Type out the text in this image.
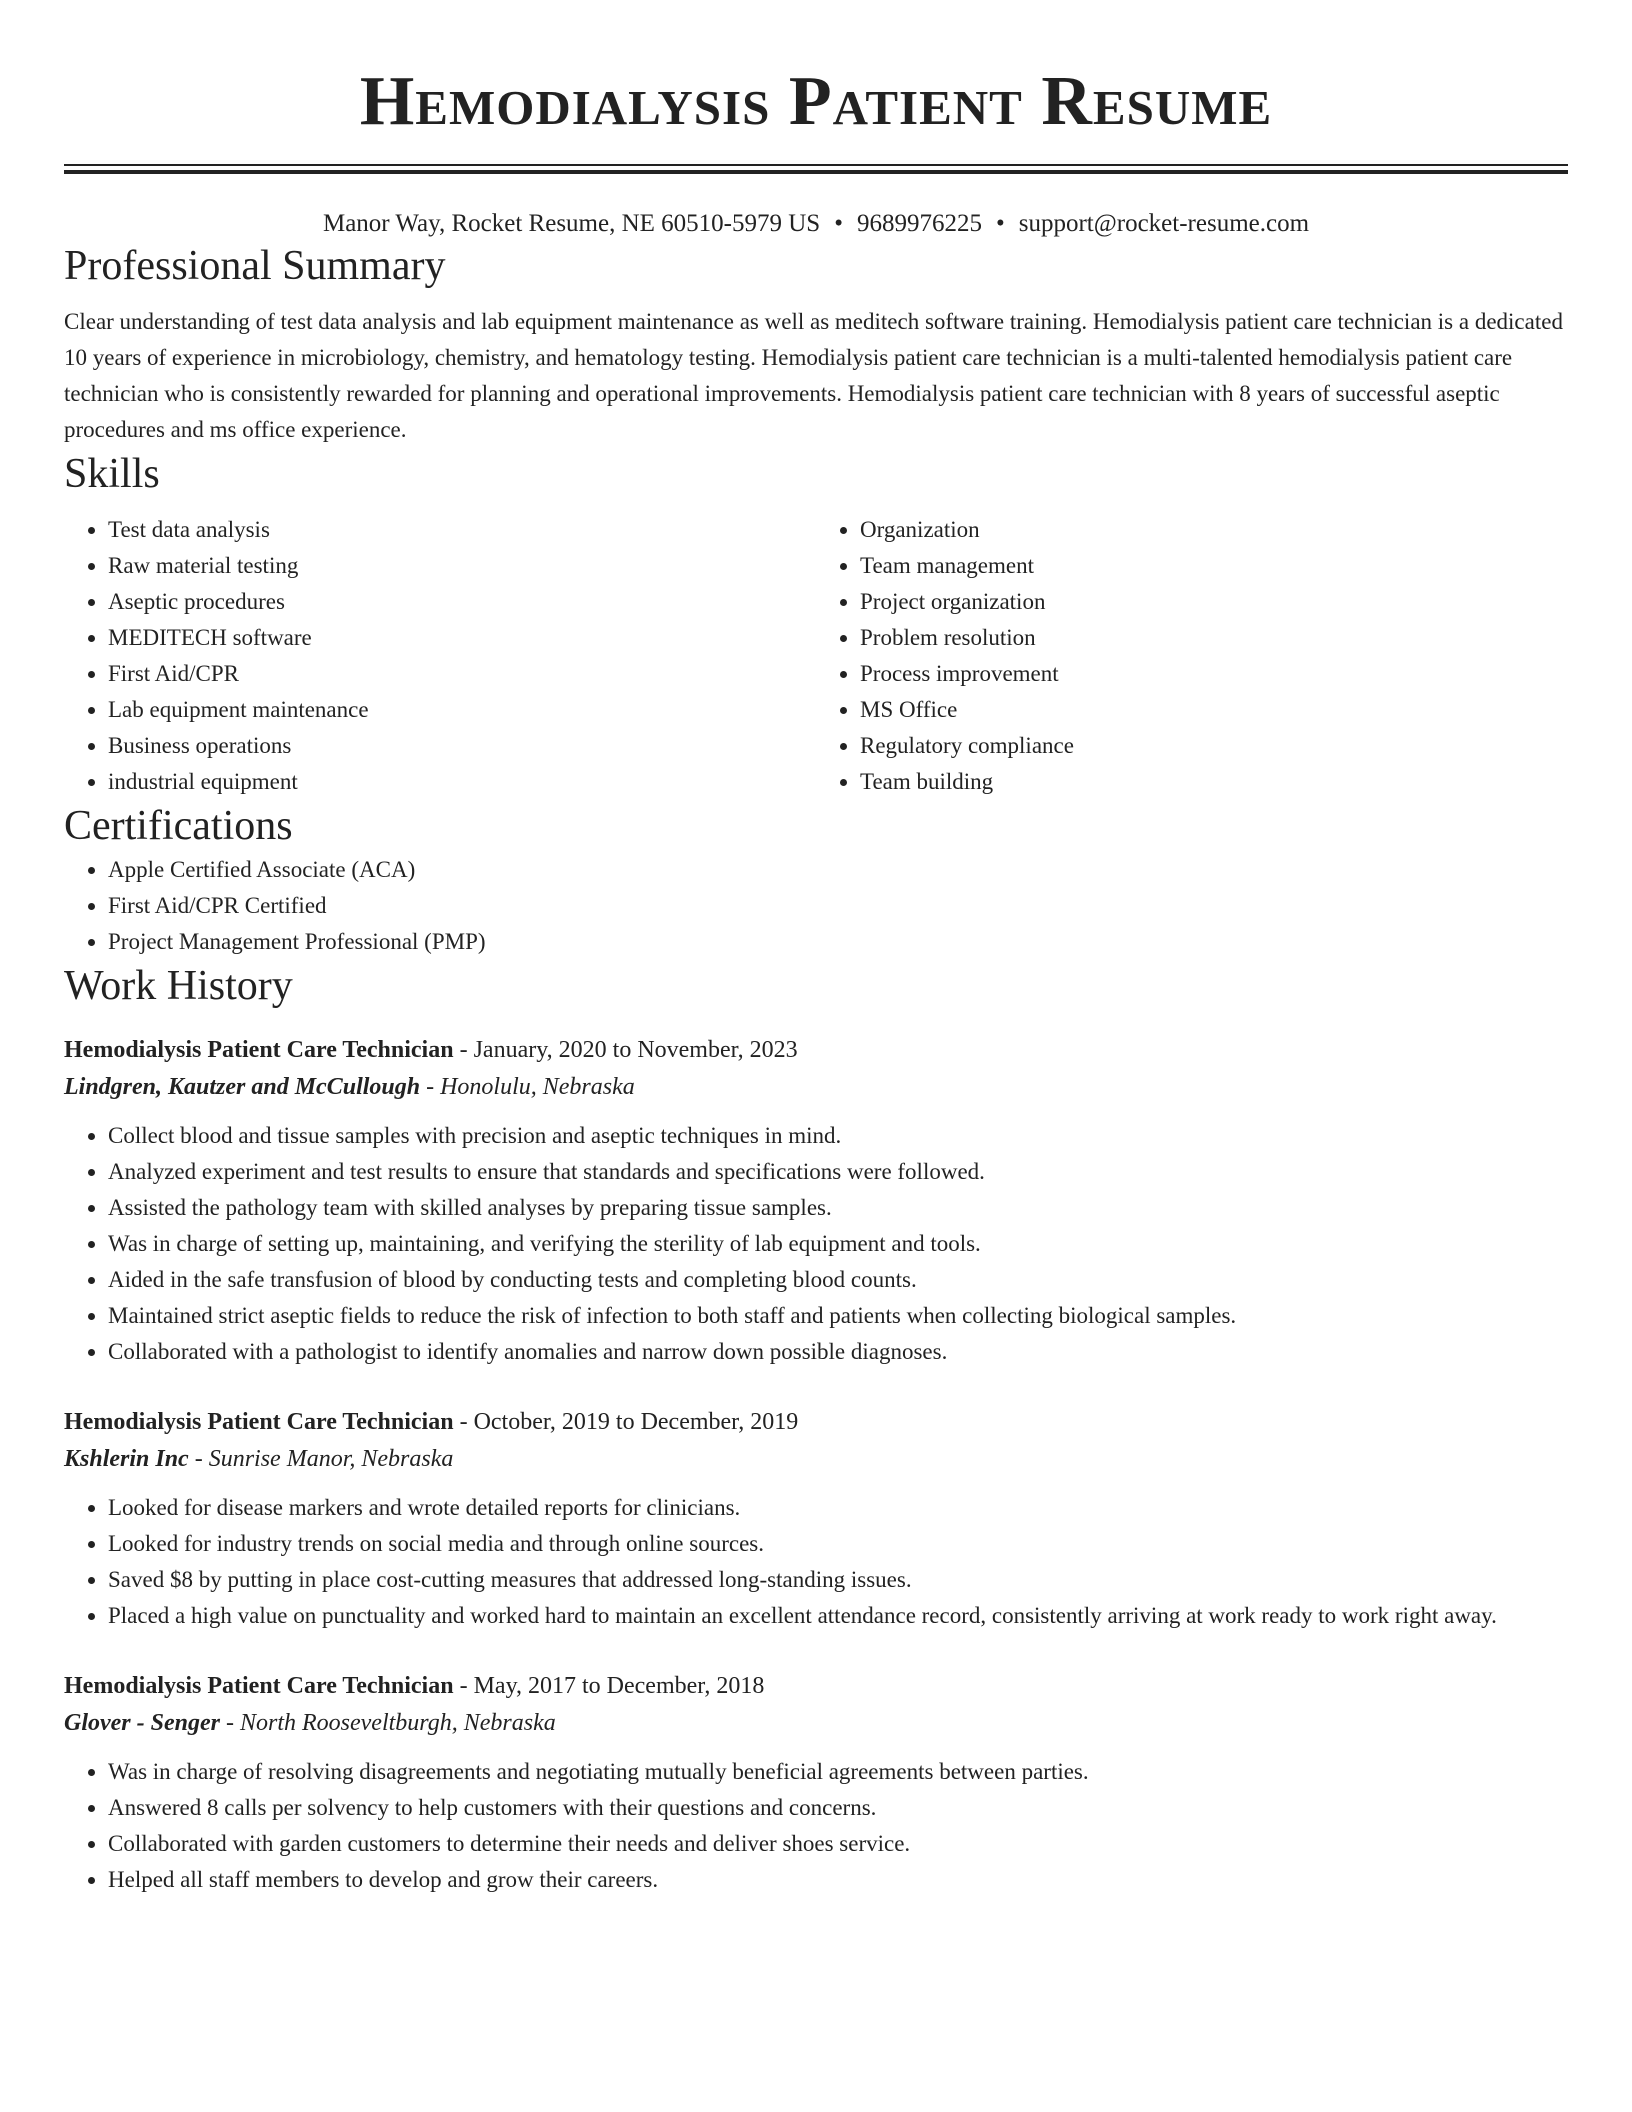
Hemodialysis Patient Resume
Manor Way, Rocket Resume, NE 60510-5979 US • 9689976225 • support@rocket-resume.com
Professional Summary

Clear understanding of test data analysis and lab equipment maintenance as well as meditech software training. Hemodialysis patient care technician is a dedicated 10 years of experience in microbiology, chemistry, and hematology testing. Hemodialysis patient care technician is a multi-talented hemodialysis patient care technician who is consistently rewarded for planning and operational improvements. Hemodialysis patient care technician with 8 years of successful aseptic procedures and ms office experience.

Skills
• Test data analysis
• Raw material testing
• Aseptic procedures
• MEDITECH software
• First Aid/CPR
• Lab equipment maintenance
• Business operations
• industrial equipment
• Organization
• Team management
• Project organization
• Problem resolution
• Process improvement
• MS Office
• Regulatory compliance
• Team building
Certifications
• Apple Certified Associate (ACA)
• First Aid/CPR Certified
• Project Management Professional (PMP)
Work History
Hemodialysis Patient Care Technician - January, 2020 to November, 2023
Lindgren, Kautzer and McCullough - Honolulu, Nebraska
• Collect blood and tissue samples with precision and aseptic techniques in mind.
• Analyzed experiment and test results to ensure that standards and specifications were followed.
• Assisted the pathology team with skilled analyses by preparing tissue samples.
• Was in charge of setting up, maintaining, and verifying the sterility of lab equipment and tools.
• Aided in the safe transfusion of blood by conducting tests and completing blood counts.
• Maintained strict aseptic fields to reduce the risk of infection to both staff and patients when collecting biological samples.
• Collaborated with a pathologist to identify anomalies and narrow down possible diagnoses.
Hemodialysis Patient Care Technician - October, 2019 to December, 2019
Kshlerin Inc - Sunrise Manor, Nebraska
• Looked for disease markers and wrote detailed reports for clinicians.
• Looked for industry trends on social media and through online sources.
• Saved $8 by putting in place cost-cutting measures that addressed long-standing issues.
• Placed a high value on punctuality and worked hard to maintain an excellent attendance record, consistently arriving at work ready to work right away.
Hemodialysis Patient Care Technician - May, 2017 to December, 2018
Glover - Senger - North Rooseveltburgh, Nebraska
• Was in charge of resolving disagreements and negotiating mutually beneficial agreements between parties.
• Answered 8 calls per solvency to help customers with their questions and concerns.
• Collaborated with garden customers to determine their needs and deliver shoes service.
• Helped all staff members to develop and grow their careers.
